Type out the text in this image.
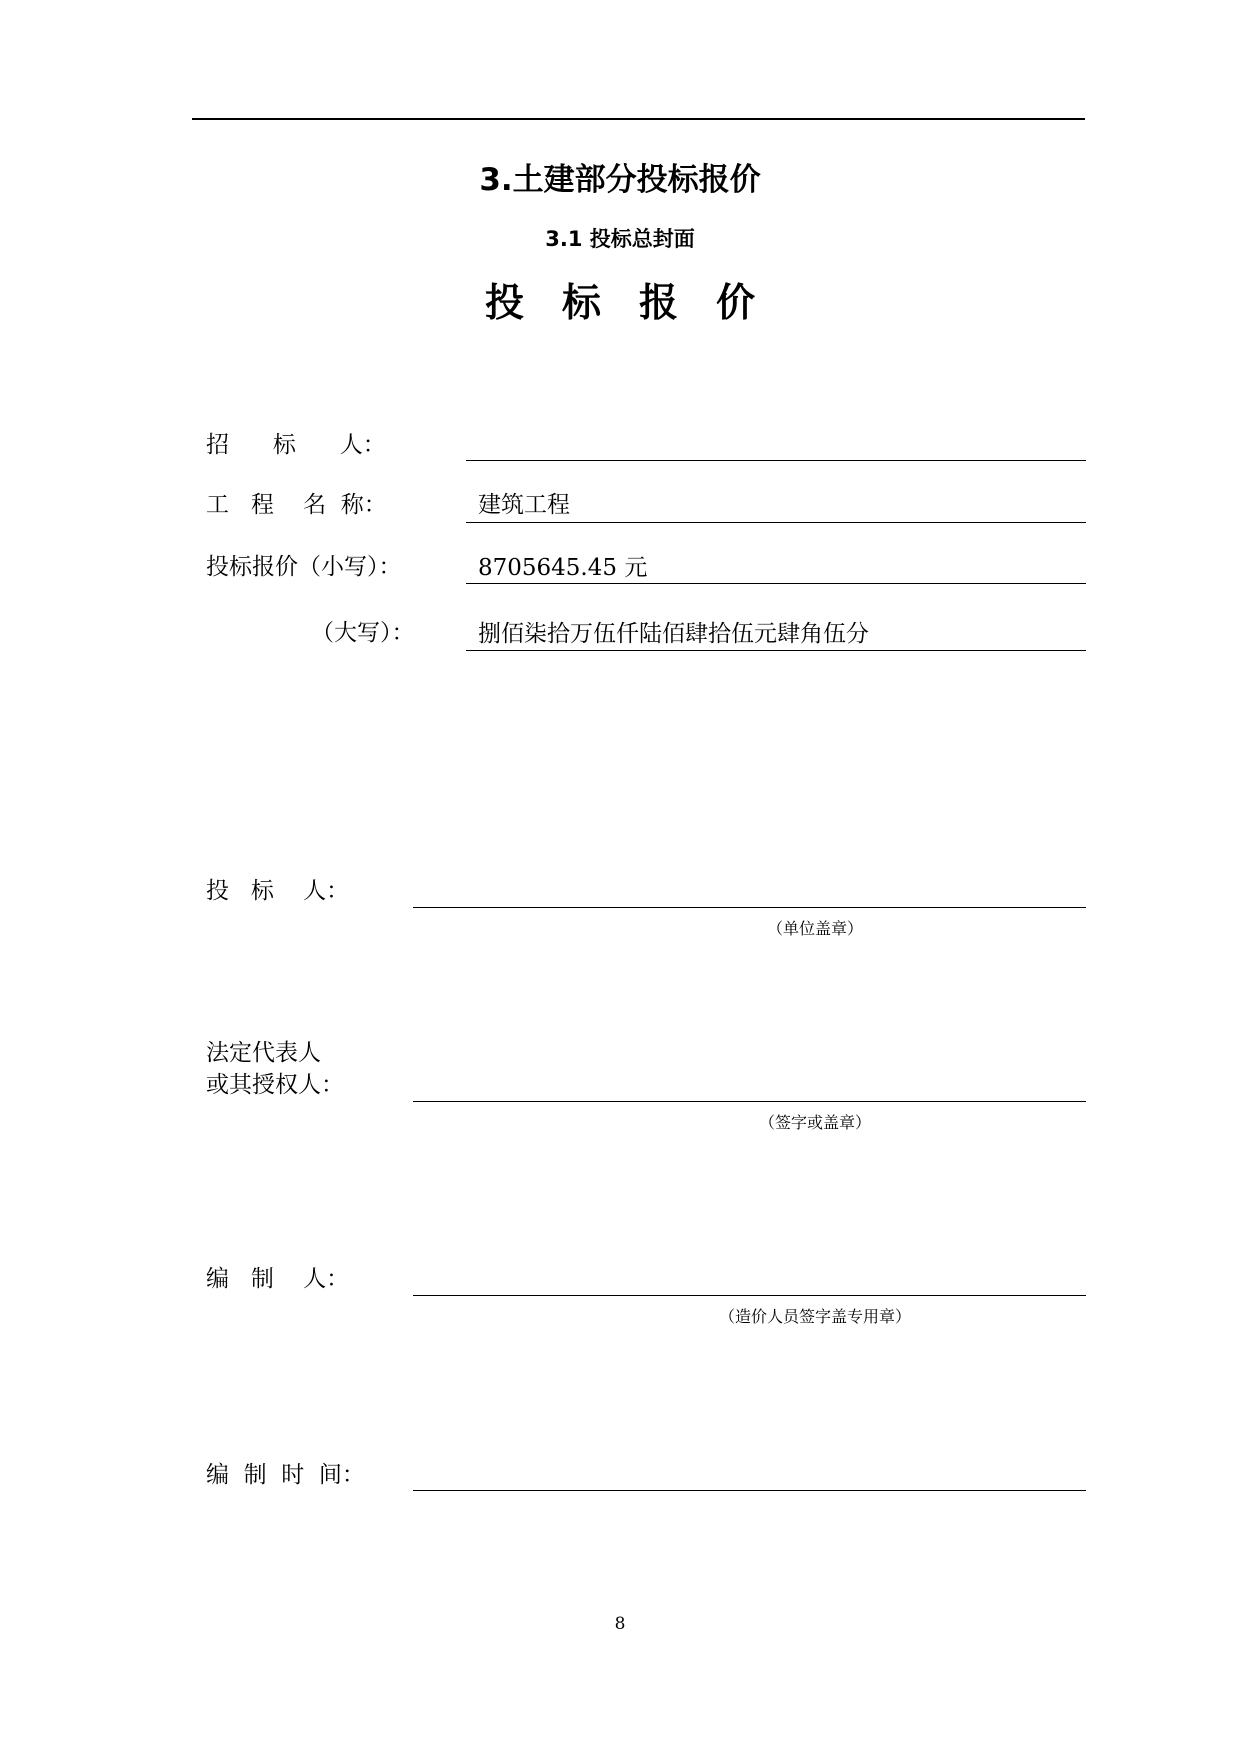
3.土建部分投标报价
3.1 投标总封面
投标报价
招      标      人：
工   程    名  称：	建筑工程
投标报价（小写）：	8705645.45 元
（大写）：	捌佰柒拾万伍仟陆佰肆拾伍元肆角伍分
投   标    人：
（单位盖章）
法定代表人
或其授权人：
（签字或盖章）
编   制    人：
（造价人员签字盖专用章）
编  制  时  间：
8
